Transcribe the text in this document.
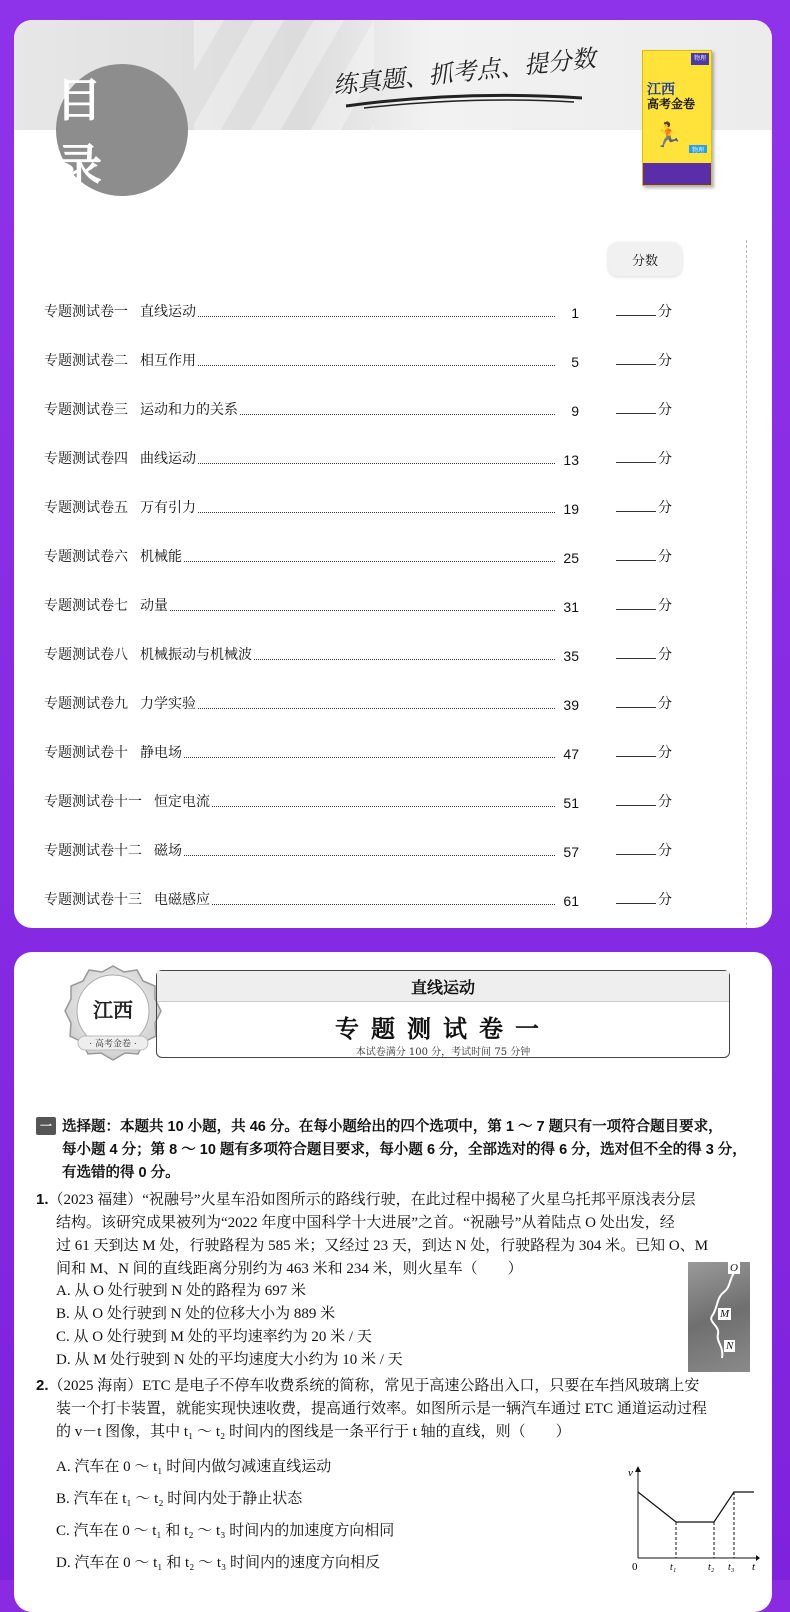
目 录
练真题、抓考点、提分数	物理
江西
高考金卷
🏃
物理
分数
专题测试卷一 直线运动	1	分
专题测试卷二 相互作用	5	分
专题测试卷三 运动和力的关系	9	分
专题测试卷四 曲线运动	13	分
专题测试卷五 万有引力	19	分
专题测试卷六 机械能	25	分
专题测试卷七 动量	31	分
专题测试卷八 机械振动与机械波	35	分
专题测试卷九 力学实验	39	分
专题测试卷十 静电场	47	分
专题测试卷十一 恒定电流	51	分
专题测试卷十二 磁场	57	分
专题测试卷十三 电磁感应	61	分
江西
· 高考金卷 ·
直线运动
专题测试卷一
本试卷满分 100 分，考试时间 75 分钟
一 选择题：本题共 10 小题，共 46 分。在每小题给出的四个选项中，第 1 ～ 7 题只有一项符合题目要求，
每小题 4 分；第 8 ～ 10 题有多项符合题目要求，每小题 6 分，全部选对的得 6 分，选对但不全的得 3 分，
有选错的得 0 分。
1.（2023 福建）“祝融号”火星车沿如图所示的路线行驶，在此过程中揭秘了火星乌托邦平原浅表分层
结构。该研究成果被列为“2022 年度中国科学十大进展”之首。“祝融号”从着陆点 O 处出发，经
过 61 天到达 M 处，行驶路程为 585 米；又经过 23 天，到达 N 处，行驶路程为 304 米。已知 O、M
间和 M、N 间的直线距离分别约为 463 米和 234 米，则火星车（　　）
A. 从 O 处行驶到 N 处的路程为 697 米
B. 从 O 处行驶到 N 处的位移大小为 889 米
C. 从 O 处行驶到 M 处的平均速率约为 20 米 / 天
D. 从 M 处行驶到 N 处的平均速度大小约为 10 米 / 天
O
M
N
2.（2025 海南）ETC 是电子不停车收费系统的简称，常见于高速公路出入口，只要在车挡风玻璃上安
装一个打卡装置，就能实现快速收费，提高通行效率。如图所示是一辆汽车通过 ETC 通道运动过程
的 v－t 图像，其中 t₁ ～ t₂ 时间内的图线是一条平行于 t 轴的直线，则（　　）
A. 汽车在 0 ～ t₁ 时间内做匀减速直线运动
B. 汽车在 t₁ ～ t₂ 时间内处于静止状态
C. 汽车在 0 ～ t₁ 和 t₂ ～ t₃ 时间内的加速度方向相同
D. 汽车在 0 ～ t₁ 和 t₂ ～ t₃ 时间内的速度方向相反
v
t
0	t₁	t₂ t₃
